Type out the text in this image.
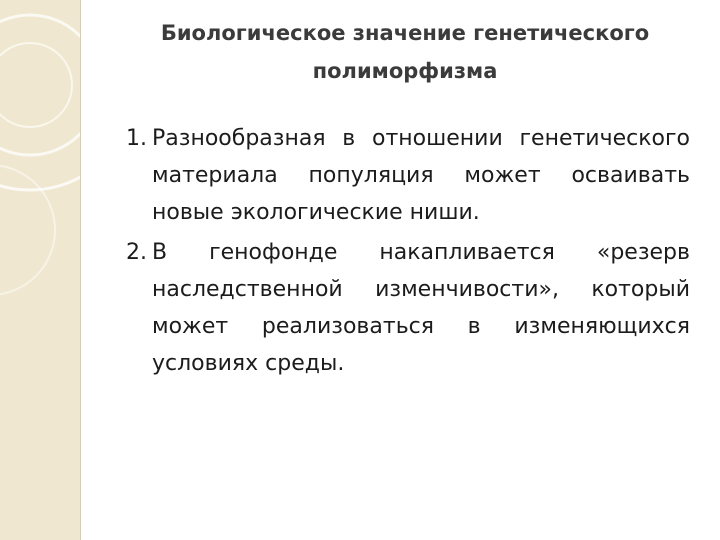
Биологическое значение генетического полиморфизма
1. Разнообразная в отношении генетического материала популяция может осваивать новые экологические ниши.
2. В генофонде накапливается «резерв наследственной изменчивости», который может реализоваться в изменяющихся условиях среды.
